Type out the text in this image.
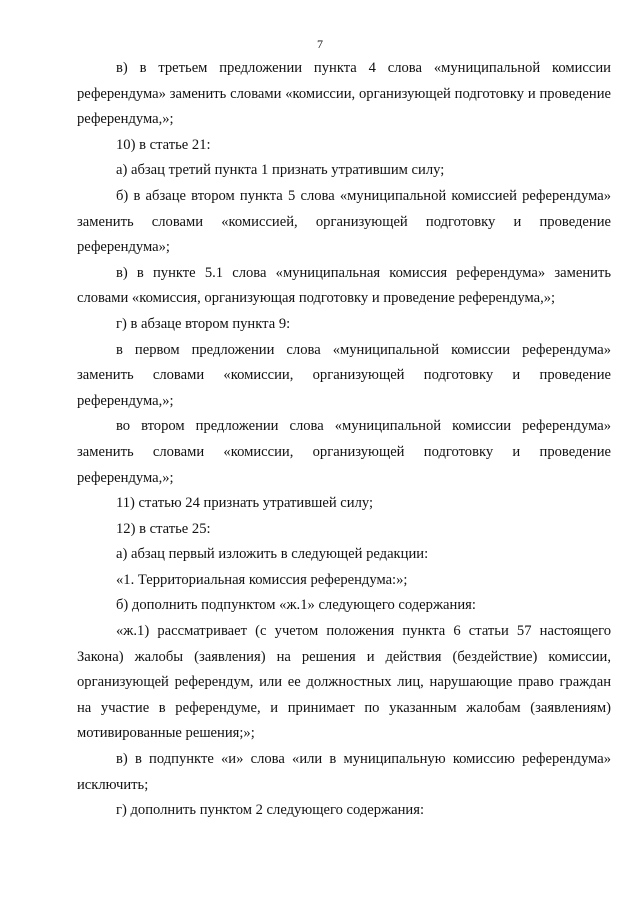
7

в) в третьем предложении пункта 4 слова «муниципальной комиссии референдума» заменить словами «комиссии, организующей подготовку и проведение референдума,»;

10) в статье 21:

а) абзац третий пункта 1 признать утратившим силу;

б) в абзаце втором пункта 5 слова «муниципальной комиссией референдума» заменить словами «комиссией, организующей подготовку и проведение референдума»;

в) в пункте 5.1 слова «муниципальная комиссия референдума» заменить словами «комиссия, организующая подготовку и проведение референдума,»;

г) в абзаце втором пункта 9:

в первом предложении слова «муниципальной комиссии референдума» заменить словами «комиссии, организующей подготовку и проведение референдума,»;

во втором предложении слова «муниципальной комиссии референдума» заменить словами «комиссии, организующей подготовку и проведение референдума,»;

11) статью 24 признать утратившей силу;

12) в статье 25:

а) абзац первый изложить в следующей редакции:

«1. Территориальная комиссия референдума:»;

б) дополнить подпунктом «ж.1» следующего содержания:

«ж.1) рассматривает (с учетом положения пункта 6 статьи 57 настоящего Закона) жалобы (заявления) на решения и действия (бездействие) комиссии, организующей референдум, или ее должностных лиц, нарушающие право граждан на участие в референдуме, и принимает по указанным жалобам (заявлениям) мотивированные решения;»;

в) в подпункте «и» слова «или в муниципальную комиссию референдума» исключить;

г) дополнить пунктом 2 следующего содержания:
